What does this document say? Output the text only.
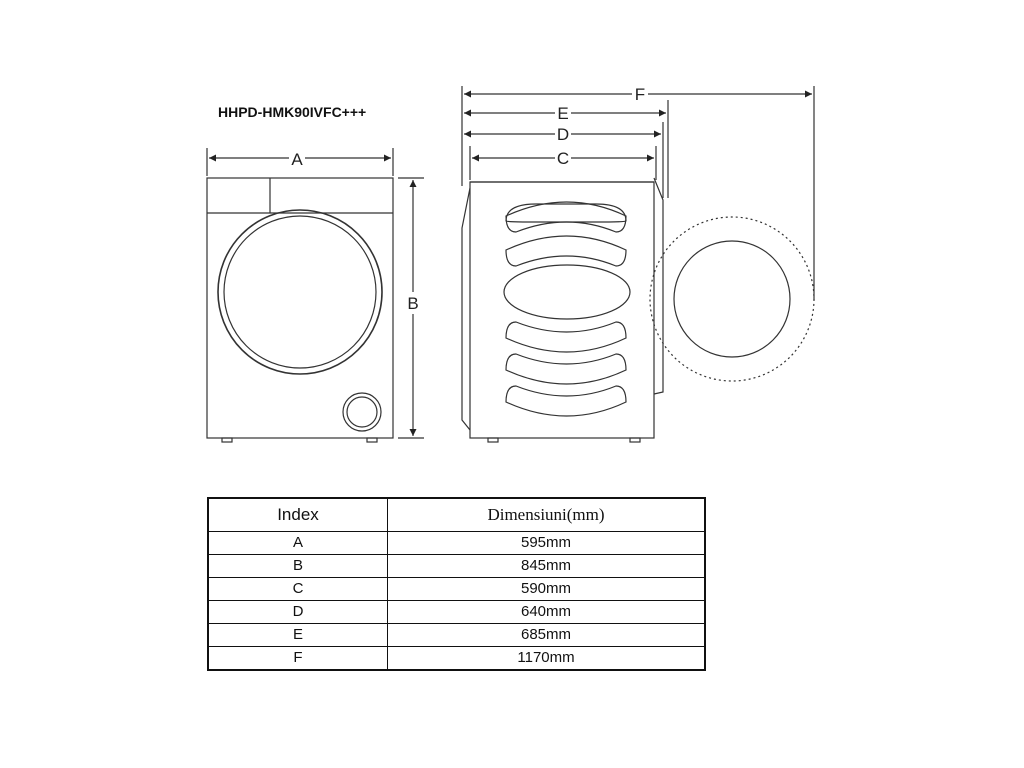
HHPD-HMK90IVFC+++
A
B
F
E
D
C
Index	Dimensiuni(mm)
A	595mm
B	845mm
C	590mm
D	640mm
E	685mm
F	1170mm
